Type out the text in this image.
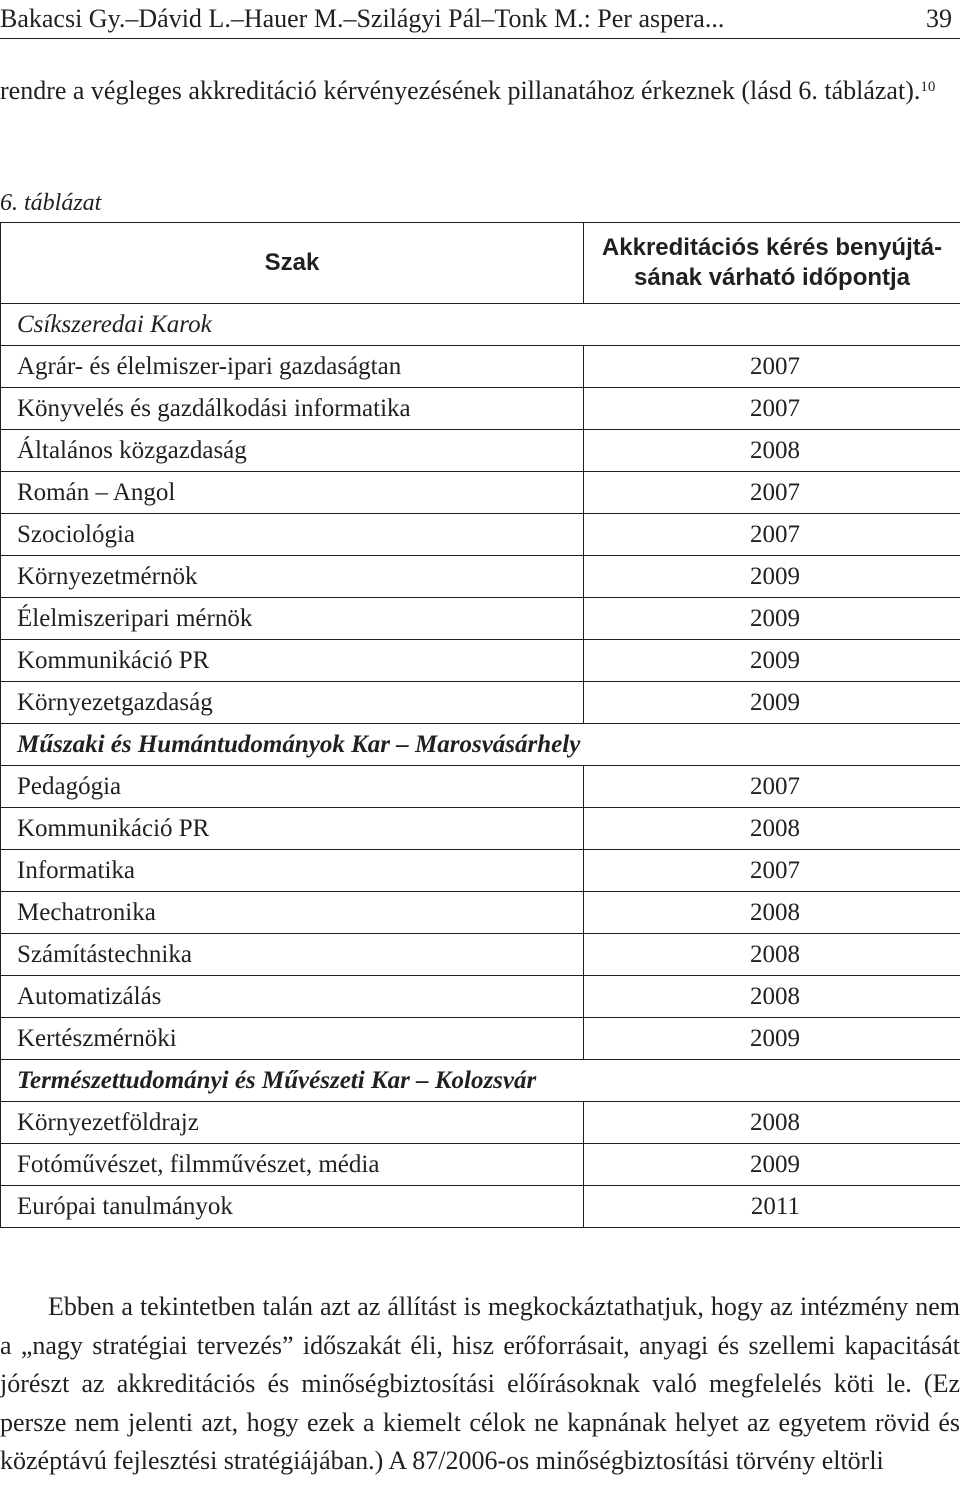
Bakacsi Gy.–Dávid L.–Hauer M.–Szilágyi Pál–Tonk M.: Per aspera...	39
rendre a végleges akkreditáció kérvényezésének pillanatához érkeznek (lásd 6. táblázat).$^{10}$
6. táblázat
Szak	Akkreditációs kérés benyújtá-sának várható időpontja
Csíkszeredai Karok	
Agrár- és élelmiszer-ipari gazdaságtan	2007
Könyvelés és gazdálkodási informatika	2007
Általános közgazdaság	2008
Román – Angol	2007
Szociológia	2007
Környezetmérnök	2009
Élelmiszeripari mérnök	2009
Kommunikáció PR	2009
Környezetgazdaság	2009
Műszaki és Humántudományok Kar – Marosvásárhely	
Pedagógia	2007
Kommunikáció PR	2008
Informatika	2007
Mechatronika	2008
Számítástechnika	2008
Automatizálás	2008
Kertészmérnöki	2009
Természettudományi és Művészeti Kar – Kolozsvár	
Környezetföldrajz	2008
Fotóművészet, filmművészet, média	2009
Európai tanulmányok	2011

Ebben a tekintetben talán azt az állítást is megkockáztathatjuk, hogy az intézmény nem a „nagy stratégiai tervezés” időszakát éli, hisz erőforrásait, anyagi és szellemi kapacitását jórészt az akkreditációs és minőségbiztosítási előírásoknak való megfelelés köti le. (Ez persze nem jelenti azt, hogy ezek a kiemelt célok ne kapnának helyet az egyetem rövid és középtávú fejlesztési stratégiájában.) A 87/2006-os minőségbiztosítási törvény eltörli
